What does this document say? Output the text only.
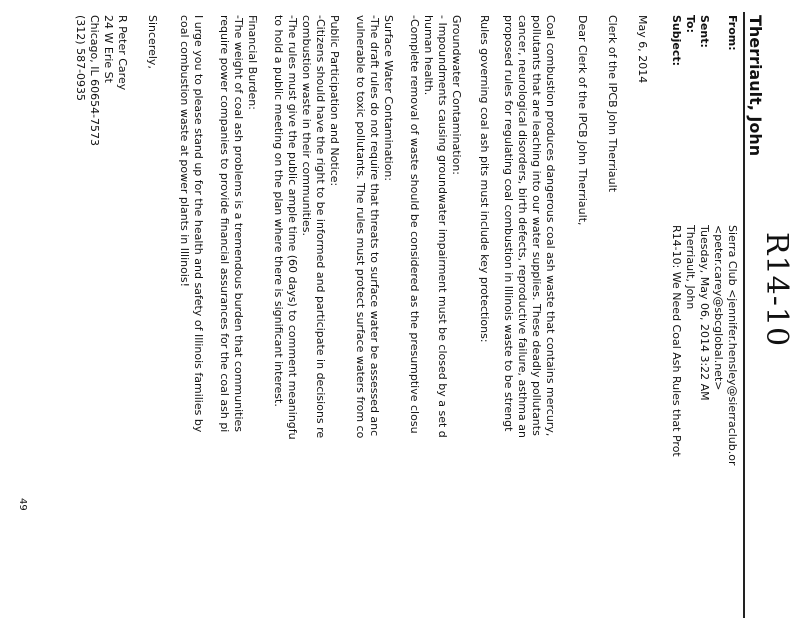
R14-10
Therriault, John
From:
Sierra Club <jennifer.hensley@sierraclub.or
<peter.carey@sbcglobal.net>
Sent:
Tuesday, May 06, 2014 3:22 AM
To:
Therriault, John
Subject:
R14-10: We Need Coal Ash Rules that Prot
May 6, 2014
Clerk of the IPCB John Therriault
Dear Clerk of the IPCB John Therriault,
Coal combustion produces dangerous coal ash waste that contains mercury,
pollutants that are leaching into our water supplies. These deadly pollutants
cancer, neurological disorders, birth defects, reproductive failure, asthma an
proposed rules for regulating coal combustion in Illinois waste to be strengt
Rules governing coal ash pits must include key protections:
Groundwater Contamination:
- Impoundments causing groundwater impairment must be closed by a set d
human health.
-Complete removal of waste should be considered as the presumptive closu
Surface Water Contamination:
-The draft rules do not require that threats to surface water be assessed anc
vulnerable to toxic pollutants. The rules must protect surface waters from co
Public Participation and Notice:
-Citizens should have the right to be informed and participate in decisions re
combustion waste in their communities.
-The rules must give the public ample time (60 days) to comment meaningfu
to hold a public meeting on the plan where there is significant interest.
Financial Burden:
-The weight of coal ash problems is a tremendous burden that communities
require power companies to provide financial assurances for the coal ash pi
I urge you to please stand up for the health and safety of Illinois families by
coal combustion waste at power plants in Illinois!
Sincerely,
R Peter Carey
24 W Erie St
Chicago, IL 60654-7573
(312) 587-0935
49
